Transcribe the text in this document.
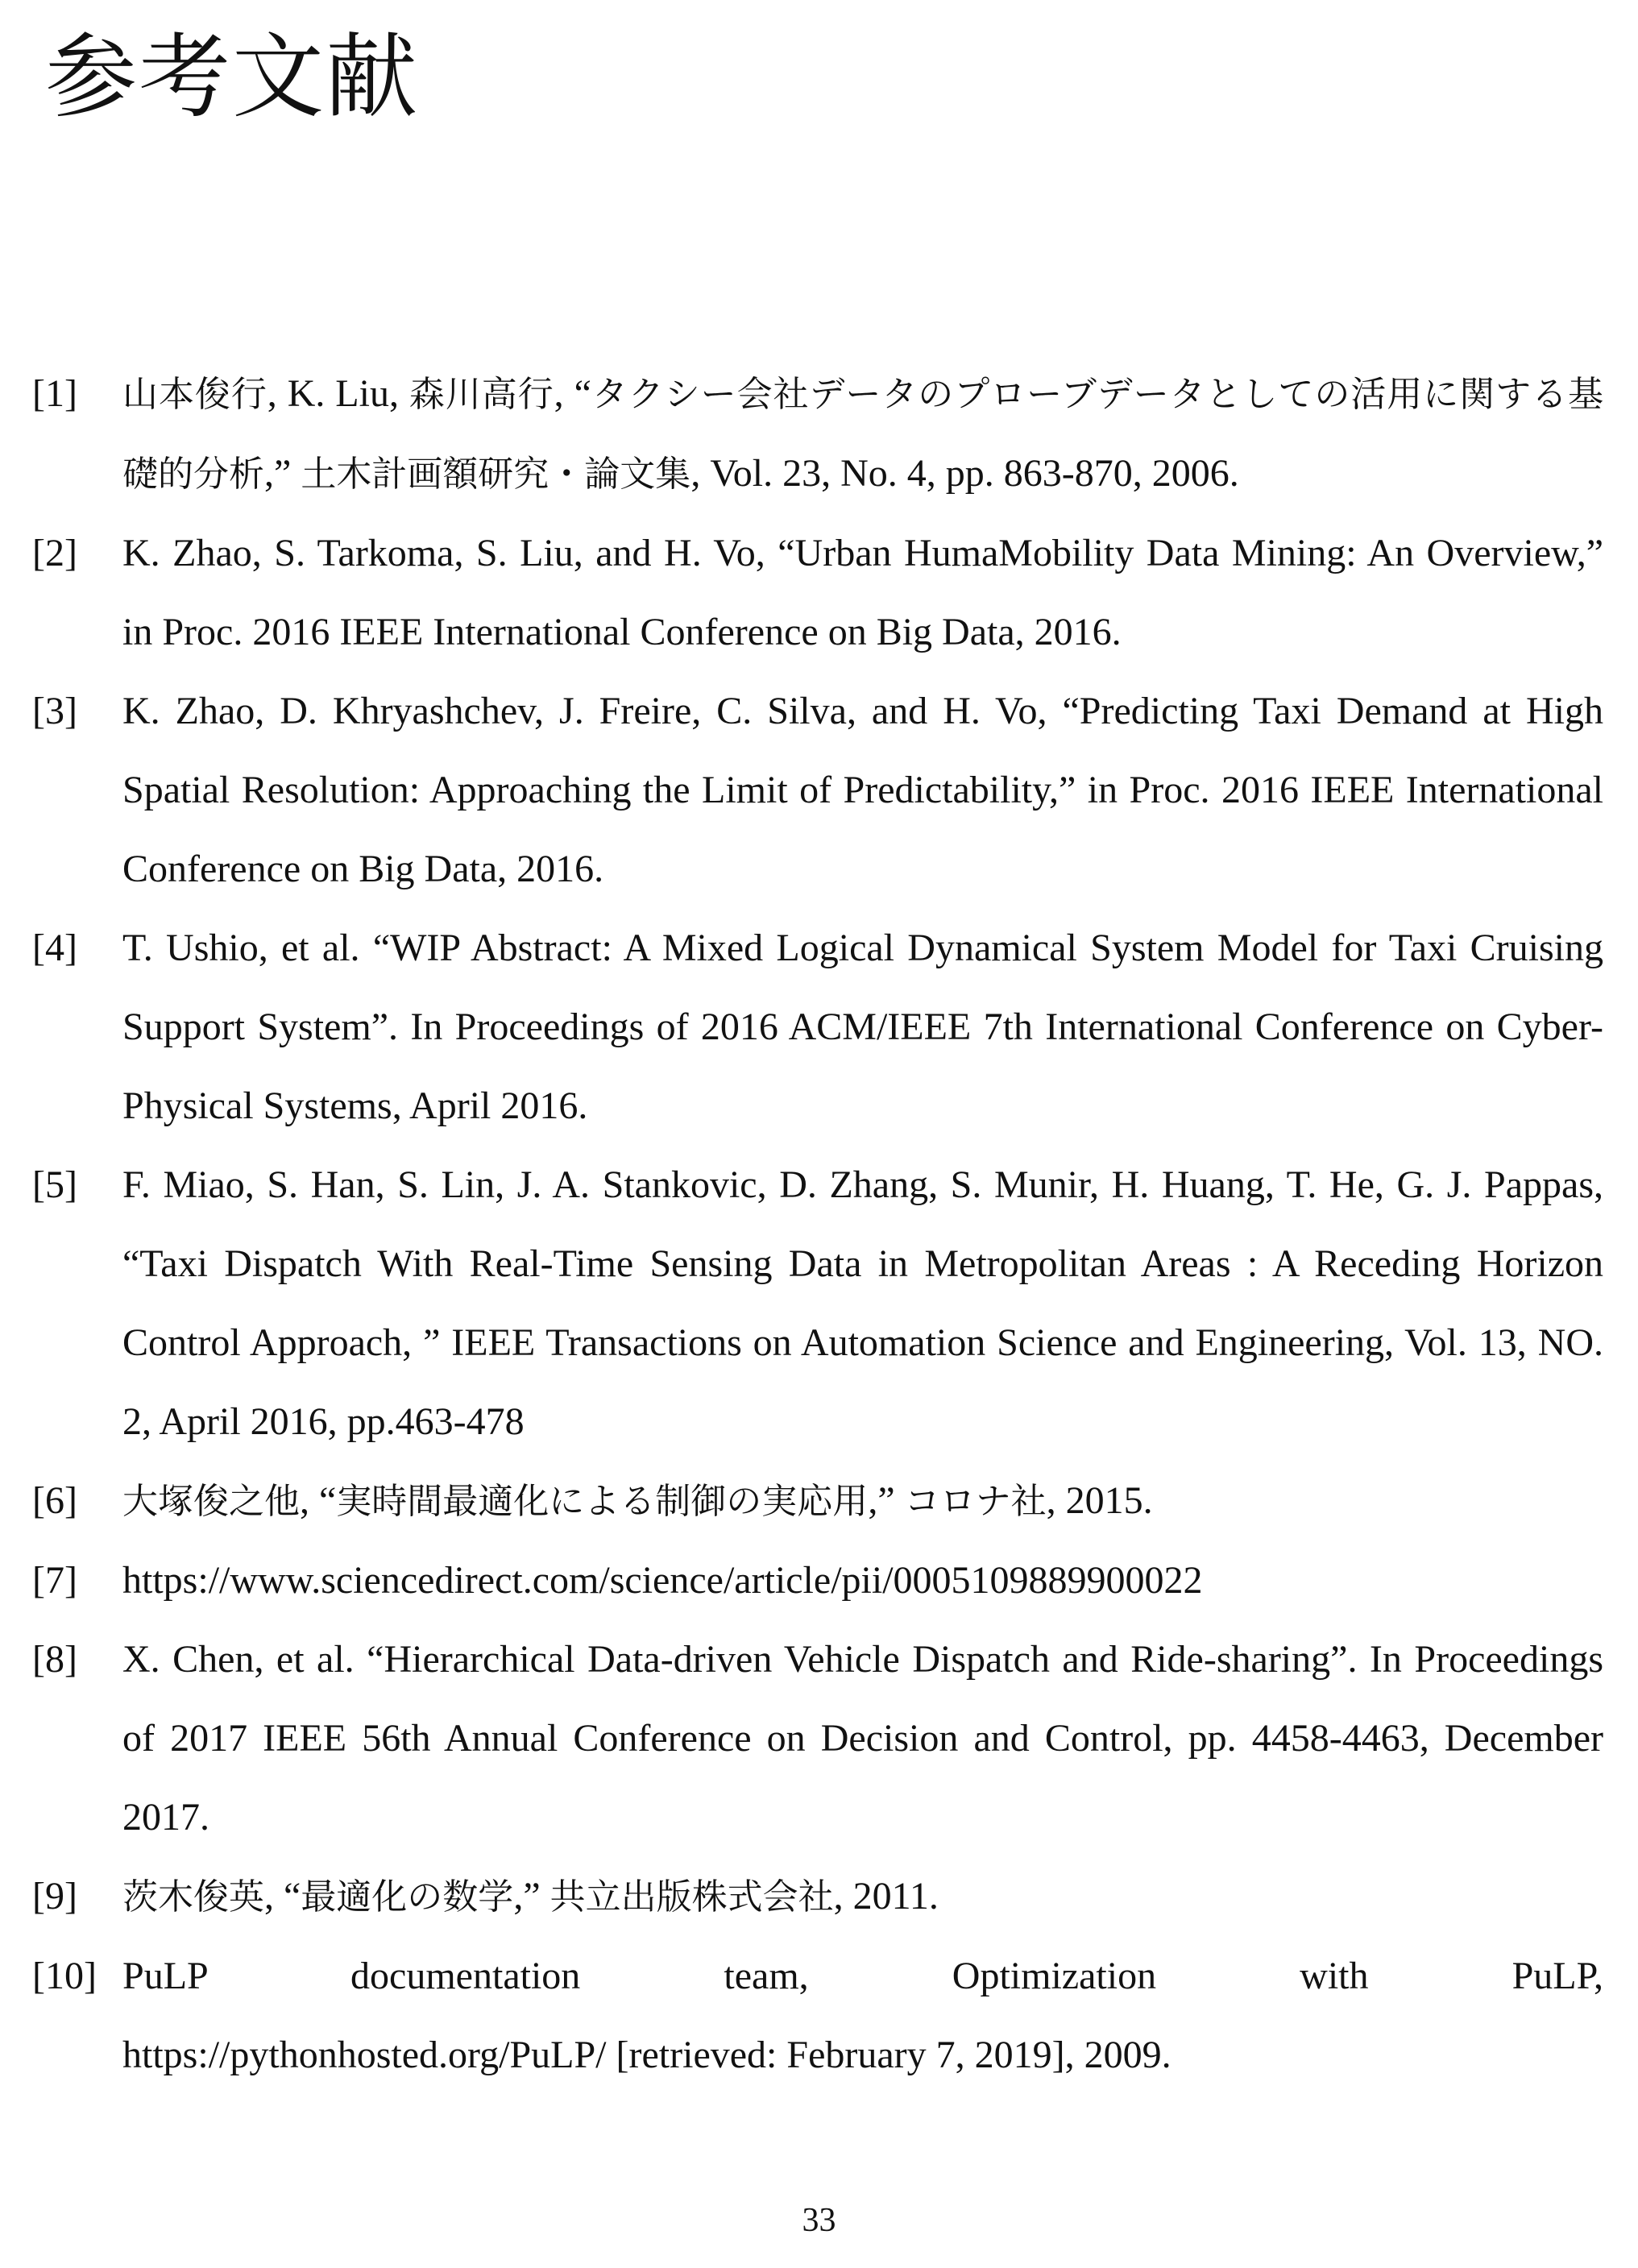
参考文献
[1]	山本俊行, K. Liu, 森川高行, “タクシー会社データのプローブデータとしての活用に関する基礎的分析,” 土木計画額研究・論文集, Vol. 23, No. 4, pp. 863-870, 2006.
[2]	K. Zhao, S. Tarkoma, S. Liu, and H. Vo, “Urban HumaMobility Data Mining: An Overview,” in Proc. 2016 IEEE International Conference on Big Data, 2016.
[3]	K. Zhao, D. Khryashchev, J. Freire, C. Silva, and H. Vo, “Predicting Taxi Demand at High Spatial Resolution: Approaching the Limit of Predictability,” in Proc. 2016 IEEE International Conference on Big Data, 2016.
[4]	T. Ushio, et al. “WIP Abstract: A Mixed Logical Dynamical System Model for Taxi Cruising Support System”. In Proceedings of 2016 ACM/IEEE 7th International Conference on Cyber-Physical Systems, April 2016.
[5]	F. Miao, S. Han, S. Lin, J. A. Stankovic, D. Zhang, S. Munir, H. Huang, T. He, G. J. Pappas, “Taxi Dispatch With Real-Time Sensing Data in Metropolitan Areas : A Receding Horizon Control Approach, ” IEEE Transactions on Automation Science and Engineering, Vol. 13, NO. 2, April 2016, pp.463-478
[6]	大塚俊之他, “実時間最適化による制御の実応用,” コロナ社, 2015.
[7]	https://www.sciencedirect.com/science/article/pii/0005109889900022
[8]	X. Chen, et al. “Hierarchical Data-driven Vehicle Dispatch and Ride-sharing”. In Proceedings of 2017 IEEE 56th Annual Conference on Decision and Control, pp. 4458-4463, December 2017.
[9]	茨木俊英, “最適化の数学,” 共立出版株式会社, 2011.
[10] PuLP documentation team, Optimization with PuLP,
https://pythonhosted.org/PuLP/ [retrieved: February 7, 2019], 2009.
33
